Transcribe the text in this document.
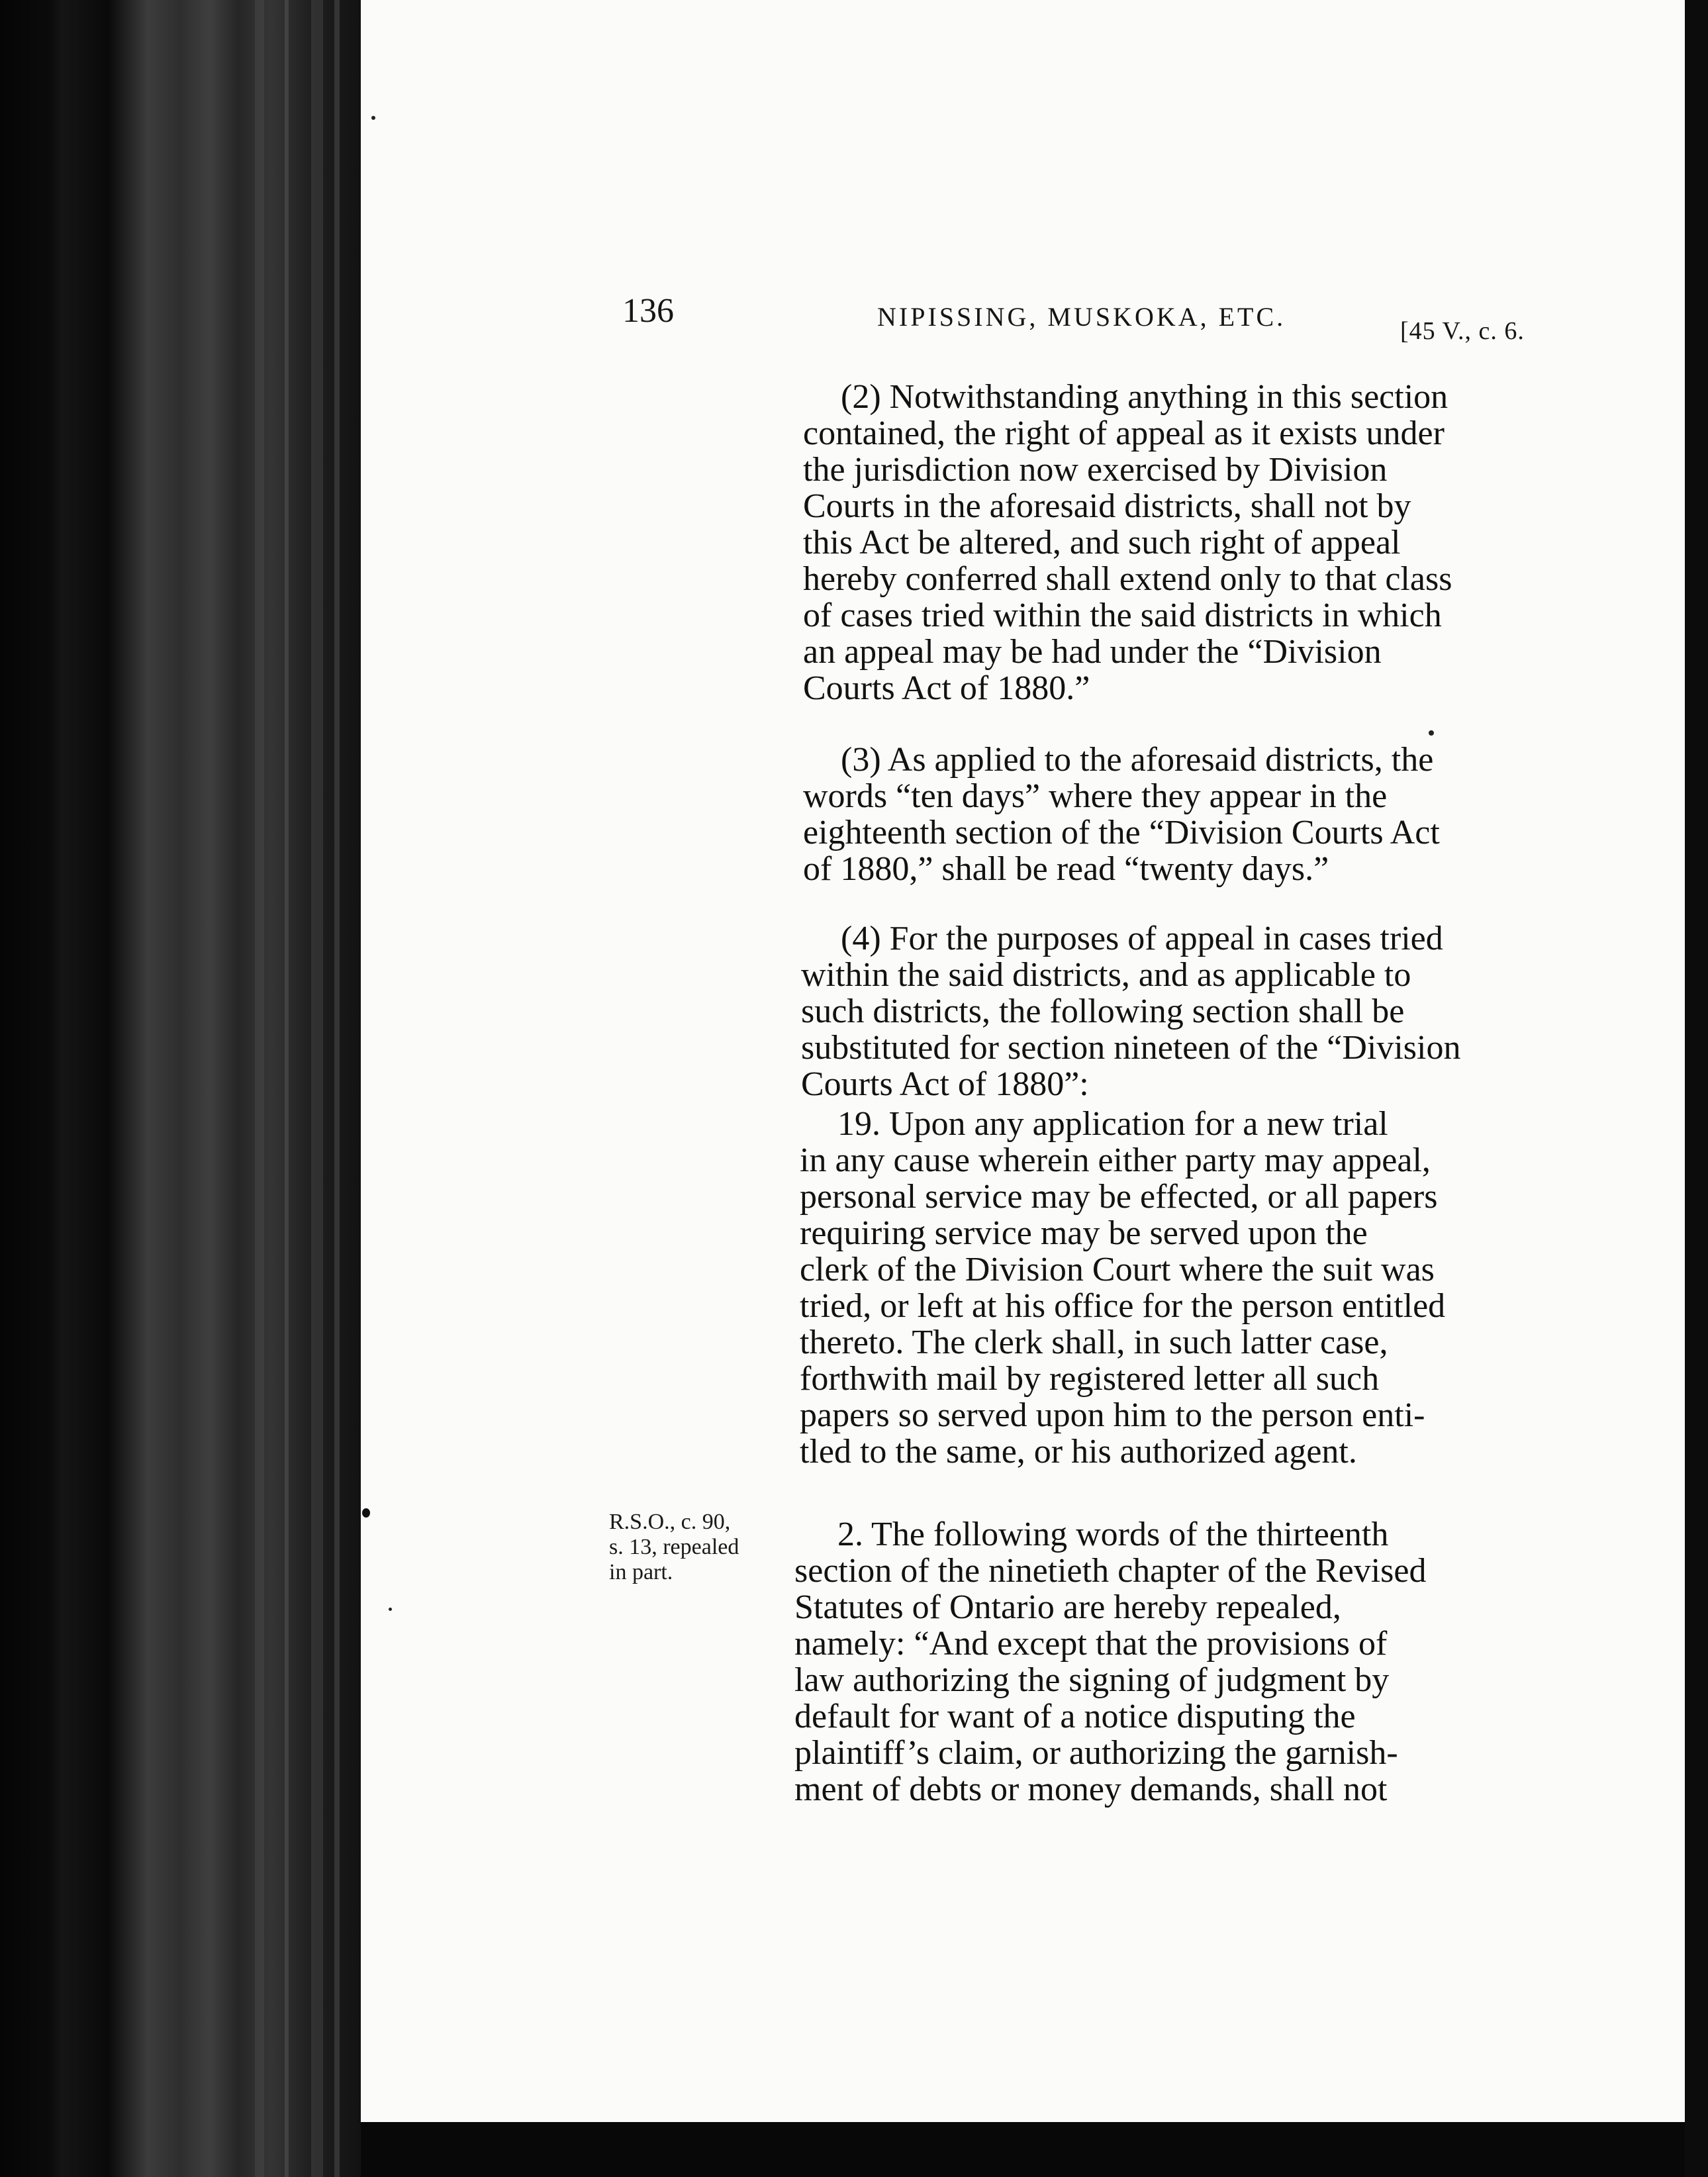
136	NIPISSING, MUSKOKA, ETC.	[45 V., c. 6.
R.S.O., c. 90,
s. 13, repealed
in part.
(2) Notwithstanding anything in this section
contained, the right of appeal as it exists under
the jurisdiction now exercised by Division
Courts in the aforesaid districts, shall not by
this Act be altered, and such right of appeal
hereby conferred shall extend only to that class
of cases tried within the said districts in which
an appeal may be had under the “Division
Courts Act of 1880.”
(3) As applied to the aforesaid districts, the
words “ten days” where they appear in the
eighteenth section of the “Division Courts Act
of 1880,” shall be read “twenty days.”
(4) For the purposes of appeal in cases tried
within the said districts, and as applicable to
such districts, the following section shall be
substituted for section nineteen of the “Division
Courts Act of 1880”:
19. Upon any application for a new trial
in any cause wherein either party may appeal,
personal service may be effected, or all papers
requiring service may be served upon the
clerk of the Division Court where the suit was
tried, or left at his office for the person entitled
thereto. The clerk shall, in such latter case,
forthwith mail by registered letter all such
papers so served upon him to the person enti-
tled to the same, or his authorized agent.
2. The following words of the thirteenth
section of the ninetieth chapter of the Revised
Statutes of Ontario are hereby repealed,
namely: “And except that the provisions of
law authorizing the signing of judgment by
default for want of a notice disputing the
plaintiff’s claim, or authorizing the garnish-
ment of debts or money demands, shall not
